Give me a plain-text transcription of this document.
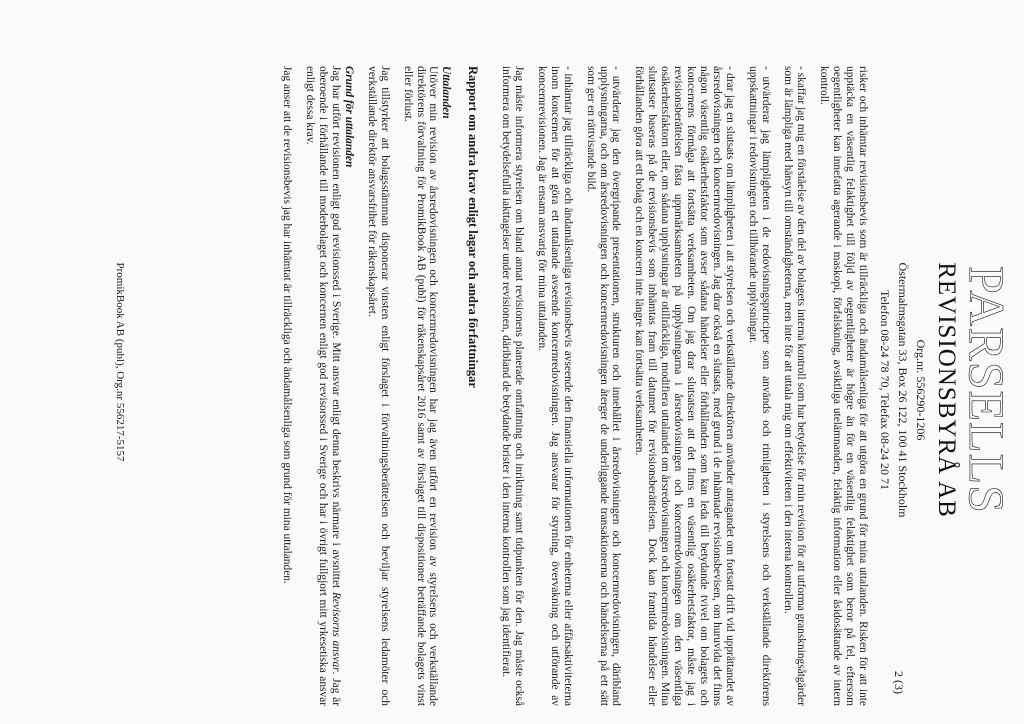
PARSELLS
REVISIONSBYRÅ AB
Org.nr. 556290-1206
Östermalmsgatan 33, Box 26 122, 100 41 Stockholm
Telefon 08-24 78 70, Telefax 08-24 20 71
2 (3)

risker och inhämtar revisionsbevis som är tillräckliga och ändamålsenliga för att utgöra en grund för mina uttalanden. Risken för att inte upptäcka en väsentlig felaktighet till följd av oegentligheter är högre än för en väsentlig felaktighet som beror på fel, eftersom oegentligheter kan innefatta agerande i maskopi, förfalskning, avsiktliga utelämnanden, felaktig information eller åsidosättande av intern kontroll.

- skaffar jag mig en förståelse av den del av bolagets interna kontroll som har betydelse för min revision för att utforma granskningsåtgärder som är lämpliga med hänsyn till omständigheterna, men inte för att uttala mig om effektiviteten i den interna kontrollen.

- utvärderar jag lämpligheten i de redovisningsprinciper som används och rimligheten i styrelsens och verkställande direktörens uppskattningar i redovisningen och tillhörande upplysningar.

- drar jag en slutsats om lämpligheten i att styrelsen och verkställande direktören använder antagandet om fortsatt drift vid upprättandet av årsredovisningen och koncernredovisningen. Jag drar också en slutsats, med grund i de inhämtade revisionsbevisen, om huruvida det finns någon väsentlig osäkerhetsfaktor som avser sådana händelser eller förhållanden som kan leda till betydande tvivel om bolagets och koncernens förmåga att fortsätta verksamheten. Om jag drar slutsatsen att det finns en väsentlig osäkerhetsfaktor, måste jag i revisionsberättelsen fästa uppmärksamheten på upplysningarna i årsredovisningen och koncernredovisningen om den väsentliga osäkerhetsfaktorn eller, om sådana upplysningar är otillräckliga, modifiera uttalandet om årsredovisningen och koncernredovisningen. Mina slutsatser baseras på de revisionsbevis som inhämtas fram till datumet för revisionsberättelsen. Dock kan framtida händelser eller förhållanden göra att ett bolag och en koncern inte längre kan fortsätta verksamheten.

- utvärderar jag den övergripande presentationen, strukturen och innehållet i årsredovisningen och koncernredovisningen, däribland upplysningarna, och om årsredovisningen och koncernredovisningen återger de underliggande transaktionerna och händelserna på ett sätt som ger en rättvisande bild.

- inhämtar jag tillräckliga och ändamålsenliga revisionsbevis avseende den finansiella informationen för enheterna eller affärsaktiviteterna inom koncernen för att göra ett uttalande avseende koncernredovisningen. Jag ansvarar för styrning, övervakning och utförande av koncernrevisionen. Jag är ensam ansvarig för mina uttalanden.

Jag måste informera styrelsen om bland annat revisionens planerade omfattning och inriktning samt tidpunkten för den. Jag måste också informera om betydelsefulla iakttagelser under revisionen, däribland de betydande brister i den interna kontrollen som jag identifierat.

Rapport om andra krav enligt lagar och andra författningar
Uttalanden

Utöver min revision av årsredovisningen och koncernredovisningen har jag även utfört en revision av styrelsens och verkställande direktörens förvaltning för PromikBook AB (publ) för räkenskapsåret 2016 samt av förslaget till dispositioner beträffande bolagets vinst eller förlust.

Jag tillstyrker att bolagsstämman disponerar vinsten enligt förslaget i förvaltningsberättelsen och beviljar styrelsens ledamöter och verkställande direktör ansvarsfrihet för räkenskapsåret.

Grund för uttalanden

Jag har utfört revisionen enligt god revisionssed i Sverige. Mitt ansvar enligt denna beskrivs närmare i avsnittet Revisorns ansvar. Jag är oberoende i förhållande till moderbolaget och koncernen enligt god revisorssed i Sverige och har i övrigt fullgjort mitt yrkesetiska ansvar enligt dessa krav.

Jag anser att de revisionsbevis jag har inhämtat är tillräckliga och ändamålsenliga som grund för mina uttalanden.

PromikBook AB (publ), Org.nr 556217-5157
